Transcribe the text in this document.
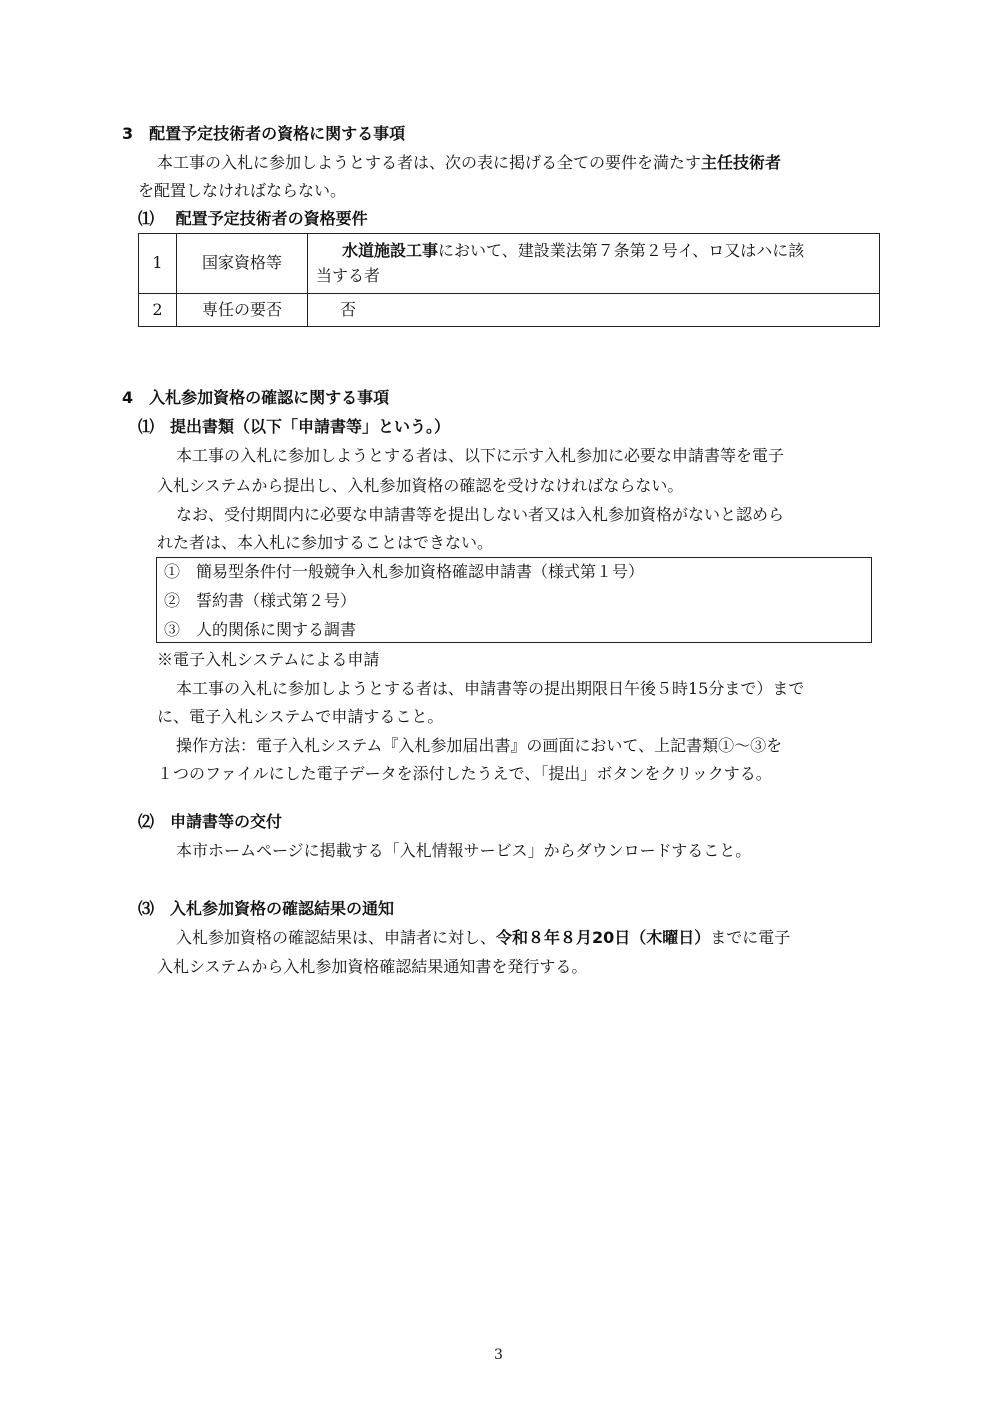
3　配置予定技術者の資格に関する事項
本工事の入札に参加しようとする者は、次の表に掲げる全ての要件を満たす主任技術者
を配置しなければならない。
⑴　 配置予定技術者の資格要件
1	国家資格等	水道施設工事において、建設業法第７条第２号イ、ロ又はハに該
当する者

2	専任の要否	否
4　入札参加資格の確認に関する事項
⑴　提出書類（以下「申請書等」という。）
本工事の入札に参加しようとする者は、以下に示す入札参加に必要な申請書等を電子
入札システムから提出し、入札参加資格の確認を受けなければならない。
なお、受付期間内に必要な申請書等を提出しない者又は入札参加資格がないと認めら
れた者は、本入札に参加することはできない。
①　簡易型条件付一般競争入札参加資格確認申請書（様式第１号）
②　誓約書（様式第２号）
③　人的関係に関する調書
※電子入札システムによる申請
本工事の入札に参加しようとする者は、申請書等の提出期限日午後５時15分まで）まで
に、電子入札システムで申請すること。
操作方法：電子入札システム『入札参加届出書』の画面において、上記書類①～③を
１つのファイルにした電子データを添付したうえで、「提出」ボタンをクリックする。
⑵　申請書等の交付
本市ホームページに掲載する「入札情報サービス」からダウンロードすること。
⑶　入札参加資格の確認結果の通知
入札参加資格の確認結果は、申請者に対し、令和８年８月20日（木曜日）までに電子
入札システムから入札参加資格確認結果通知書を発行する。
3
